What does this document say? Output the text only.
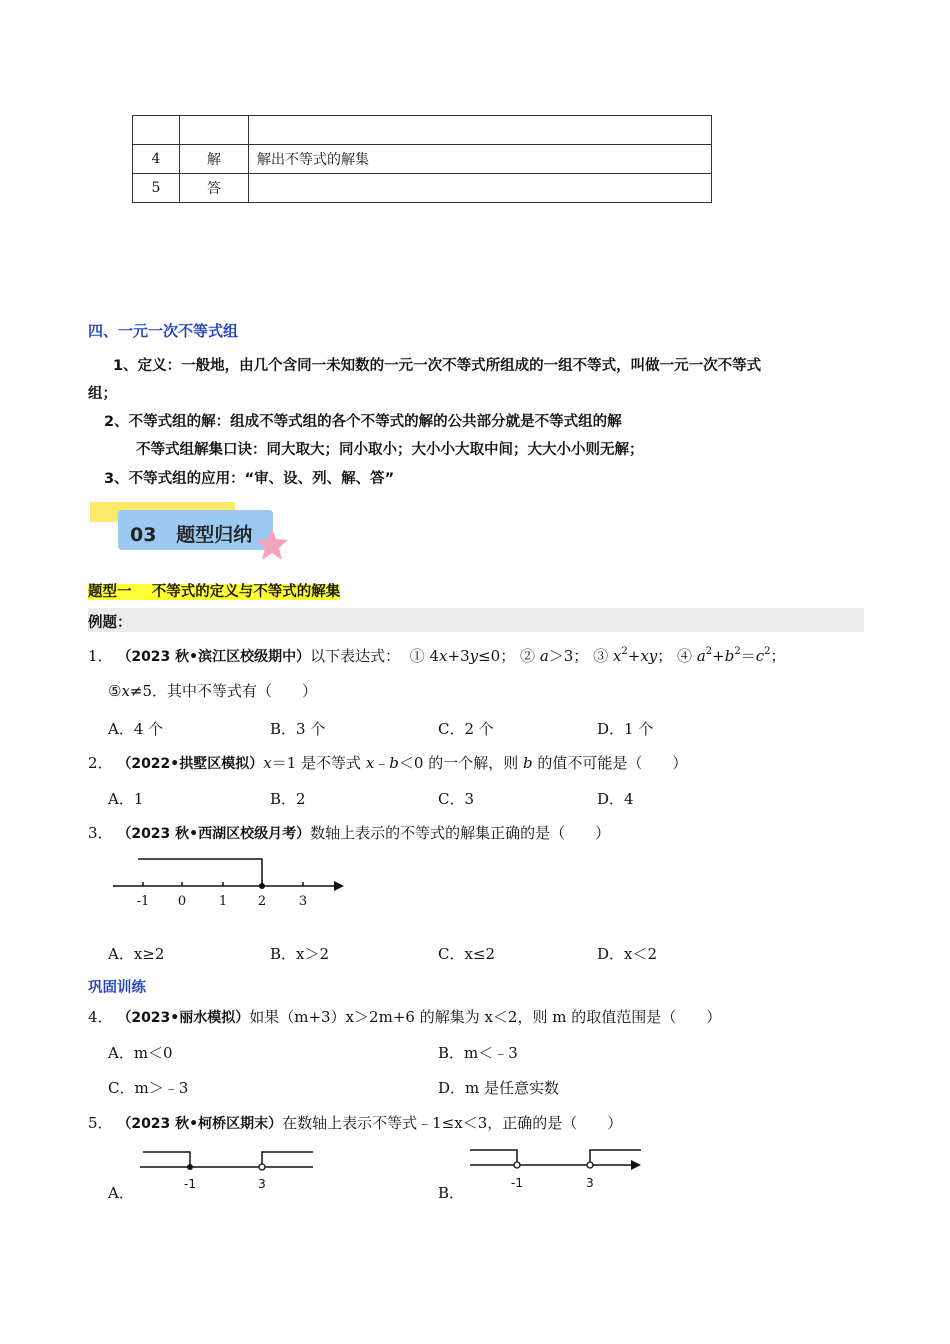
4	解	解出不等式的解集
5	答	
四、一元一次不等式组
1、定义：一般地，由几个含同一未知数的一元一次不等式所组成的一组不等式，叫做一元一次不等式
组；
2、不等式组的解：组成不等式组的各个不等式的解的公共部分就是不等式组的解
不等式组解集口诀：同大取大；同小取小；大小小大取中间；大大小小则无解；
3、不等式组的应用：“审、设、列、解、答”
03   题型归纳
题型一    不等式的定义与不等式的解集
例题：
1． （2023 秋•滨江区校级期中）以下表达式： ① 4x+3y≤0； ② a＞3； ③ $x^2+xy$； ④ $a^2+b^2=c^2$；
⑤x≠5．其中不等式有（　　）
A．4 个	B．3 个	C．2 个	D．1 个
2． （2022•拱墅区模拟）x＝1 是不等式 x﹣b＜0 的一个解，则 b 的值不可能是（　　）
A．1	B．2	C．3	D．4
3． （2023 秋•西湖区校级月考）数轴上表示的不等式的解集正确的是（　　）
-1 0	1 2	3
A．x≥2	B．x＞2	C．x≤2	D．x＜2
巩固训练
4． （2023•丽水模拟）如果（m+3）x＞2m+6 的解集为 x＜2，则 m 的取值范围是（　　）
A．m＜0	B．m＜﹣3
C．m＞﹣3	D．m 是任意实数
5． （2023 秋•柯桥区期末）在数轴上表示不等式﹣1≤x＜3，正确的是（　　）
A．	-1	3	B．
-1	3
